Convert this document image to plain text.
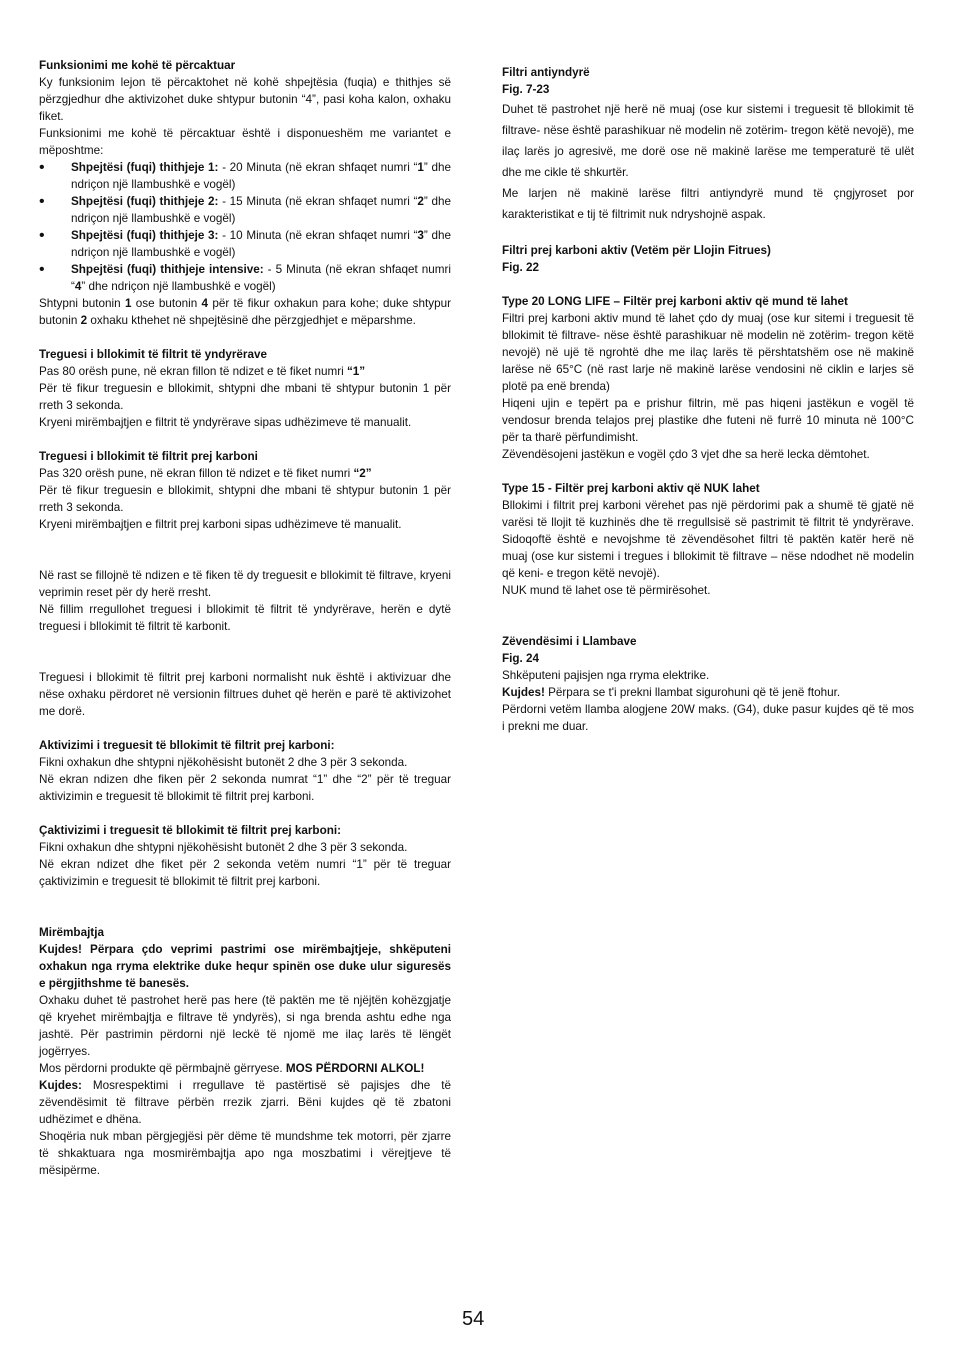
Funksionimi me kohë të përcaktuar

Ky funksionim lejon të përcaktohet në kohë shpejtësia (fuqia) e thithjes së përzgjedhur dhe aktivizohet duke shtypur butonin “4”, pasi koha kalon, oxhaku fiket.

Funksionimi me kohë të përcaktuar është i disponueshëm me variantet e mëposhtme:

•	Shpejtësi (fuqi) thithjeje 1: - 20 Minuta (në ekran shfaqet numri “1” dhe ndriçon një llambushkë e vogël)

•	Shpejtësi (fuqi) thithjeje 2: - 15 Minuta (në ekran shfaqet numri “2” dhe ndriçon një llambushkë e vogël)

•	Shpejtësi (fuqi) thithjeje 3: - 10 Minuta (në ekran shfaqet numri “3” dhe ndriçon një llambushkë e vogël)

•	Shpejtësi (fuqi) thithjeje intensive: - 5 Minuta (në ekran shfaqet numri “4” dhe ndriçon një llambushkë e vogël)

Shtypni butonin 1 ose butonin 4 për të fikur oxhakun para kohe; duke shtypur butonin 2 oxhaku kthehet në shpejtësinë dhe përzgjedhjet e mëparshme.

Treguesi i bllokimit të filtrit të yndyrërave

Pas 80 orësh pune, në ekran fillon të ndizet e të fiket numri “1”

Për të fikur treguesin e bllokimit, shtypni dhe mbani të shtypur butonin 1 për rreth 3 sekonda.

Kryeni mirëmbajtjen e filtrit të yndyrërave sipas udhëzimeve të manualit.

Treguesi i bllokimit të filtrit prej karboni

Pas 320 orësh pune, në ekran fillon të ndizet e të fiket numri “2”

Për të fikur treguesin e bllokimit, shtypni dhe mbani të shtypur butonin 1 për rreth 3 sekonda.

Kryeni mirëmbajtjen e filtrit prej karboni sipas udhëzimeve të manualit.

Në rast se fillojnë të ndizen e të fiken të dy treguesit e bllokimit të filtrave, kryeni veprimin reset për dy herë rresht.

Në fillim rregullohet treguesi i bllokimit të filtrit të yndyrërave, herën e dytë treguesi i bllokimit të filtrit të karbonit.

Treguesi i bllokimit të filtrit prej karboni normalisht nuk është i aktivizuar dhe nëse oxhaku përdoret në versionin filtrues duhet që herën e parë të aktivizohet me dorë.

Aktivizimi i treguesit të bllokimit të filtrit prej karboni:

Fikni oxhakun dhe shtypni njëkohësisht butonët 2 dhe 3 për 3 sekonda.

Në ekran ndizen dhe fiken për 2 sekonda numrat “1” dhe “2” për të treguar aktivizimin e treguesit të bllokimit të filtrit prej karboni.

Çaktivizimi i treguesit të bllokimit të filtrit prej karboni:

Fikni oxhakun dhe shtypni njëkohësisht butonët 2 dhe 3 për 3 sekonda.

Në ekran ndizet dhe fiket për 2 sekonda vetëm numri “1” për të treguar çaktivizimin e treguesit të bllokimit të filtrit prej karboni.

Mirëmbajtja

Kujdes! Përpara çdo veprimi pastrimi ose mirëmbajtjeje, shkëputeni oxhakun nga rryma elektrike duke hequr spinën ose duke ulur siguresës e përgjithshme të banesës.

Oxhaku duhet të pastrohet herë pas here (të paktën me të njëjtën kohëzgjatje që kryehet mirëmbajtja e filtrave të yndyrës), si nga brenda ashtu edhe nga jashtë. Për pastrimin përdorni një leckë të njomë me ilaç larës të lëngët jogërryes.

Mos përdorni produkte që përmbajnë gërryese. MOS PËRDORNI ALKOL!

Kujdes: Mosrespektimi i rregullave të pastërtisë së pajisjes dhe të zëvendësimit të filtrave përbën rrezik zjarri. Bëni kujdes që të zbatoni udhëzimet e dhëna.

Shoqëria nuk mban përgjegjësi për dëme të mundshme tek motorri, për zjarre të shkaktuara nga mosmirëmbajtja apo nga moszbatimi i vërejtjeve të mësipërme.

Filtri antiyndyrë

Fig. 7-23

Duhet të pastrohet një herë në muaj (ose kur sistemi i treguesit të bllokimit të filtrave- nëse është parashikuar në modelin në zotërim- tregon këtë nevojë), me ilaç larës jo agresivë, me dorë ose në makinë larëse me temperaturë të ulët dhe me cikle të shkurtër.

Me larjen në makinë larëse filtri antiyndyrë mund të çngjyroset por karakteristikat e tij të filtrimit nuk ndryshojnë aspak.

Filtri prej karboni aktiv (Vetëm për Llojin Fitrues)

Fig. 22

Type 20 LONG LIFE – Filtër prej karboni aktiv që mund të lahet

Filtri prej karboni aktiv mund të lahet çdo dy muaj (ose kur sitemi i treguesit të bllokimit të filtrave- nëse është parashikuar në modelin në zotërim- tregon këtë nevojë) në ujë të ngrohtë dhe me ilaç larës të përshtatshëm ose në makinë larëse në 65°C (në rast larje në makinë larëse vendosini në ciklin e larjes së plotë pa enë brenda)

Hiqeni ujin e tepërt pa e prishur filtrin, më pas hiqeni jastëkun e vogël të vendosur brenda telajos prej plastike dhe futeni në furrë 10 minuta në 100°C për ta tharë përfundimisht.

Zëvendësojeni jastëkun e vogël çdo 3 vjet dhe sa herë lecka dëmtohet.

Type 15 - Filtër prej karboni aktiv që NUK lahet

Bllokimi i filtrit prej karboni vërehet pas një përdorimi pak a shumë të gjatë në varësi të llojit të kuzhinës dhe të rregullsisë së pastrimit të filtrit të yndyrërave. Sidoqoftë është e nevojshme të zëvendësohet filtri të paktën katër herë në muaj (ose kur sistemi i tregues i bllokimit të filtrave – nëse ndodhet në modelin që keni- e tregon këtë nevojë).

NUK mund të lahet ose të përmirësohet.

Zëvendësimi i Llambave

Fig. 24

Shkëputeni pajisjen nga rryma elektrike.

Kujdes! Përpara se t'i prekni llambat sigurohuni që të jenë ftohur.

Përdorni vetëm llamba alogjene 20W maks. (G4), duke pasur kujdes që të mos i prekni me duar.

54
